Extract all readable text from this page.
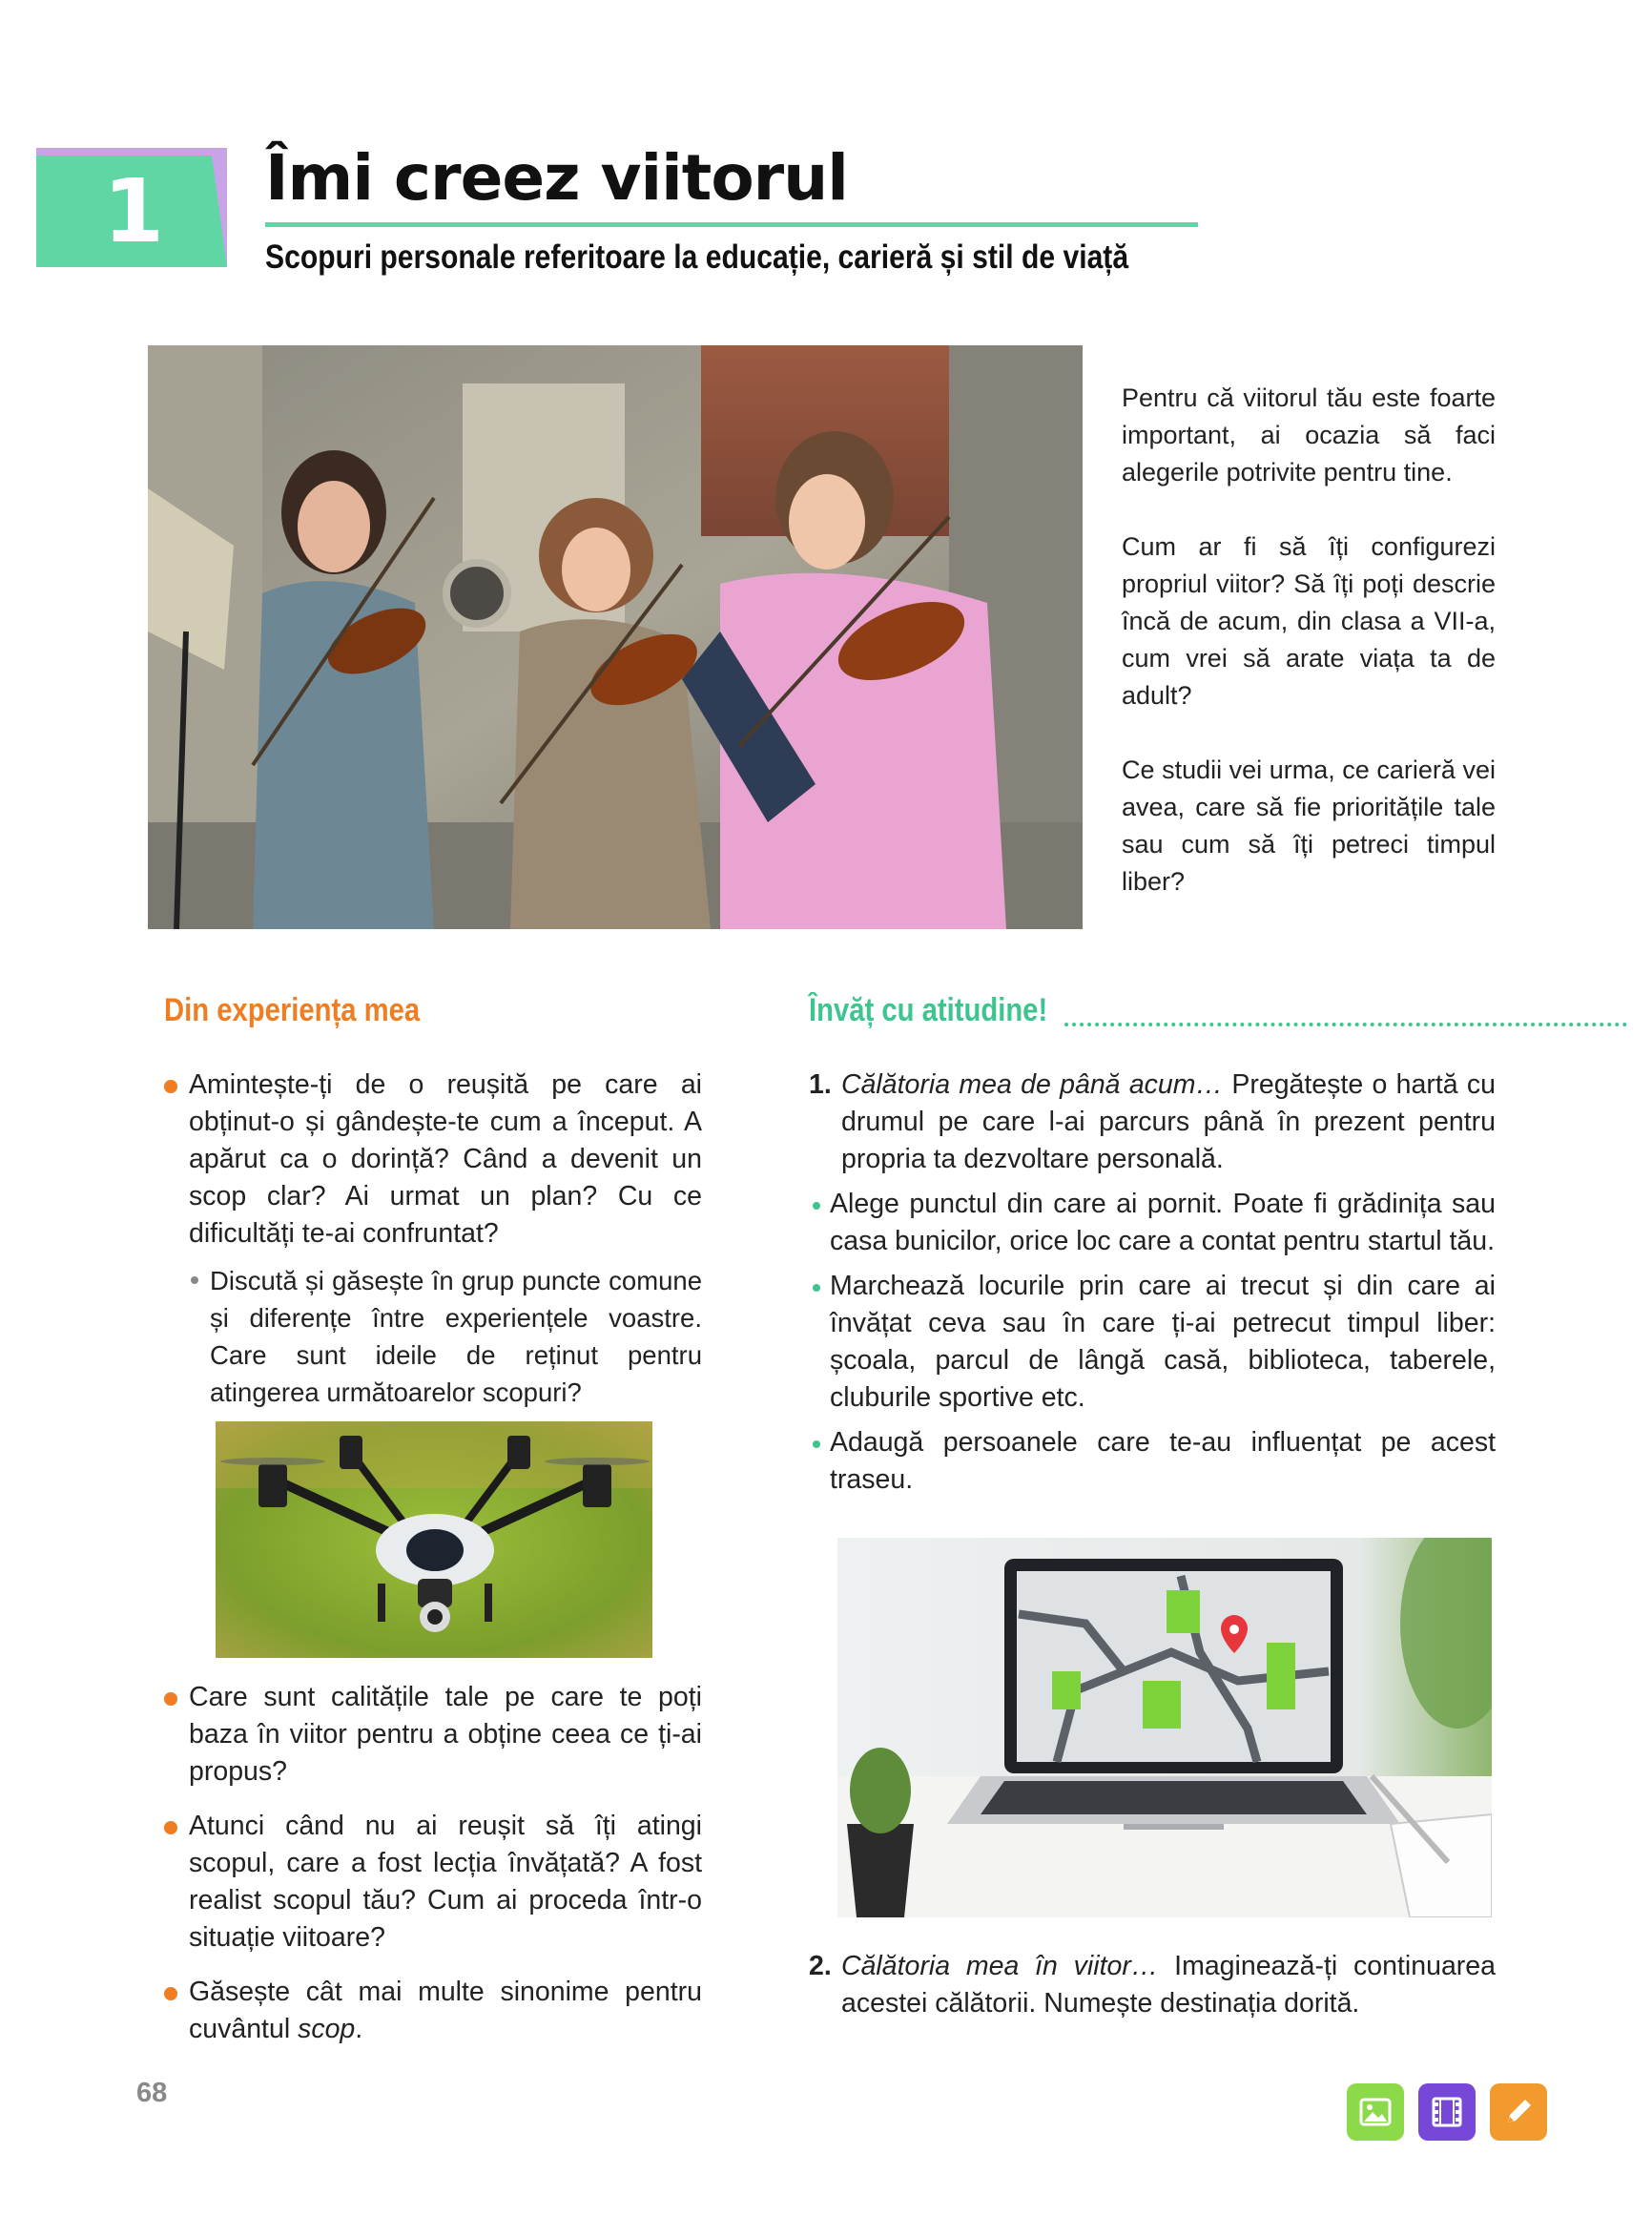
1	Îmi creez viitorul
Scopuri personale referitoare la educație, carieră și stil de viață

Pentru că viitorul tău este foarte important, ai ocazia să faci alegerile potrivite pentru tine.

Cum ar fi să îți configurezi propriul viitor? Să îți poți descrie încă de acum, din clasa a VII-a, cum vrei să arate viața ta de adult?

Ce studii vei urma, ce carieră vei avea, care să fie prioritățile tale sau cum să îți petreci timpul liber?

Din experiența mea	Învăț cu atitudine!
Amintește-ți de o reușită pe care ai obținut-o și gândește-te cum a început. A apărut ca o dorință? Când a devenit un scop clar? Ai urmat un plan? Cu ce dificultăți te-ai confruntat?
Discută și găsește în grup puncte comune și diferențe între experiențele voastre. Care sunt ideile de reținut pentru atingerea următoarelor scopuri?
Care sunt calitățile tale pe care te poți baza în viitor pentru a obține ceea ce ți-ai propus?
Atunci când nu ai reușit să îți atingi scopul, care a fost lecția învățată? A fost realist scopul tău? Cum ai proceda într-o situație viitoare?
Găsește cât mai multe sinonime pentru cuvântul scop.
1. Călătoria mea de până acum… Pregătește o hartă cu drumul pe care l-ai parcurs până în prezent pentru propria ta dezvoltare personală.
Alege punctul din care ai pornit. Poate fi grădinița sau casa bunicilor, orice loc care a contat pentru startul tău.
Marchează locurile prin care ai trecut și din care ai învățat ceva sau în care ți-ai petrecut timpul liber: școala, parcul de lângă casă, biblioteca, taberele, cluburile sportive etc.
Adaugă persoanele care te-au influențat pe acest traseu.
2. Călătoria mea în viitor… Imaginează-ți continuarea acestei călătorii. Numește destinația dorită.
68
